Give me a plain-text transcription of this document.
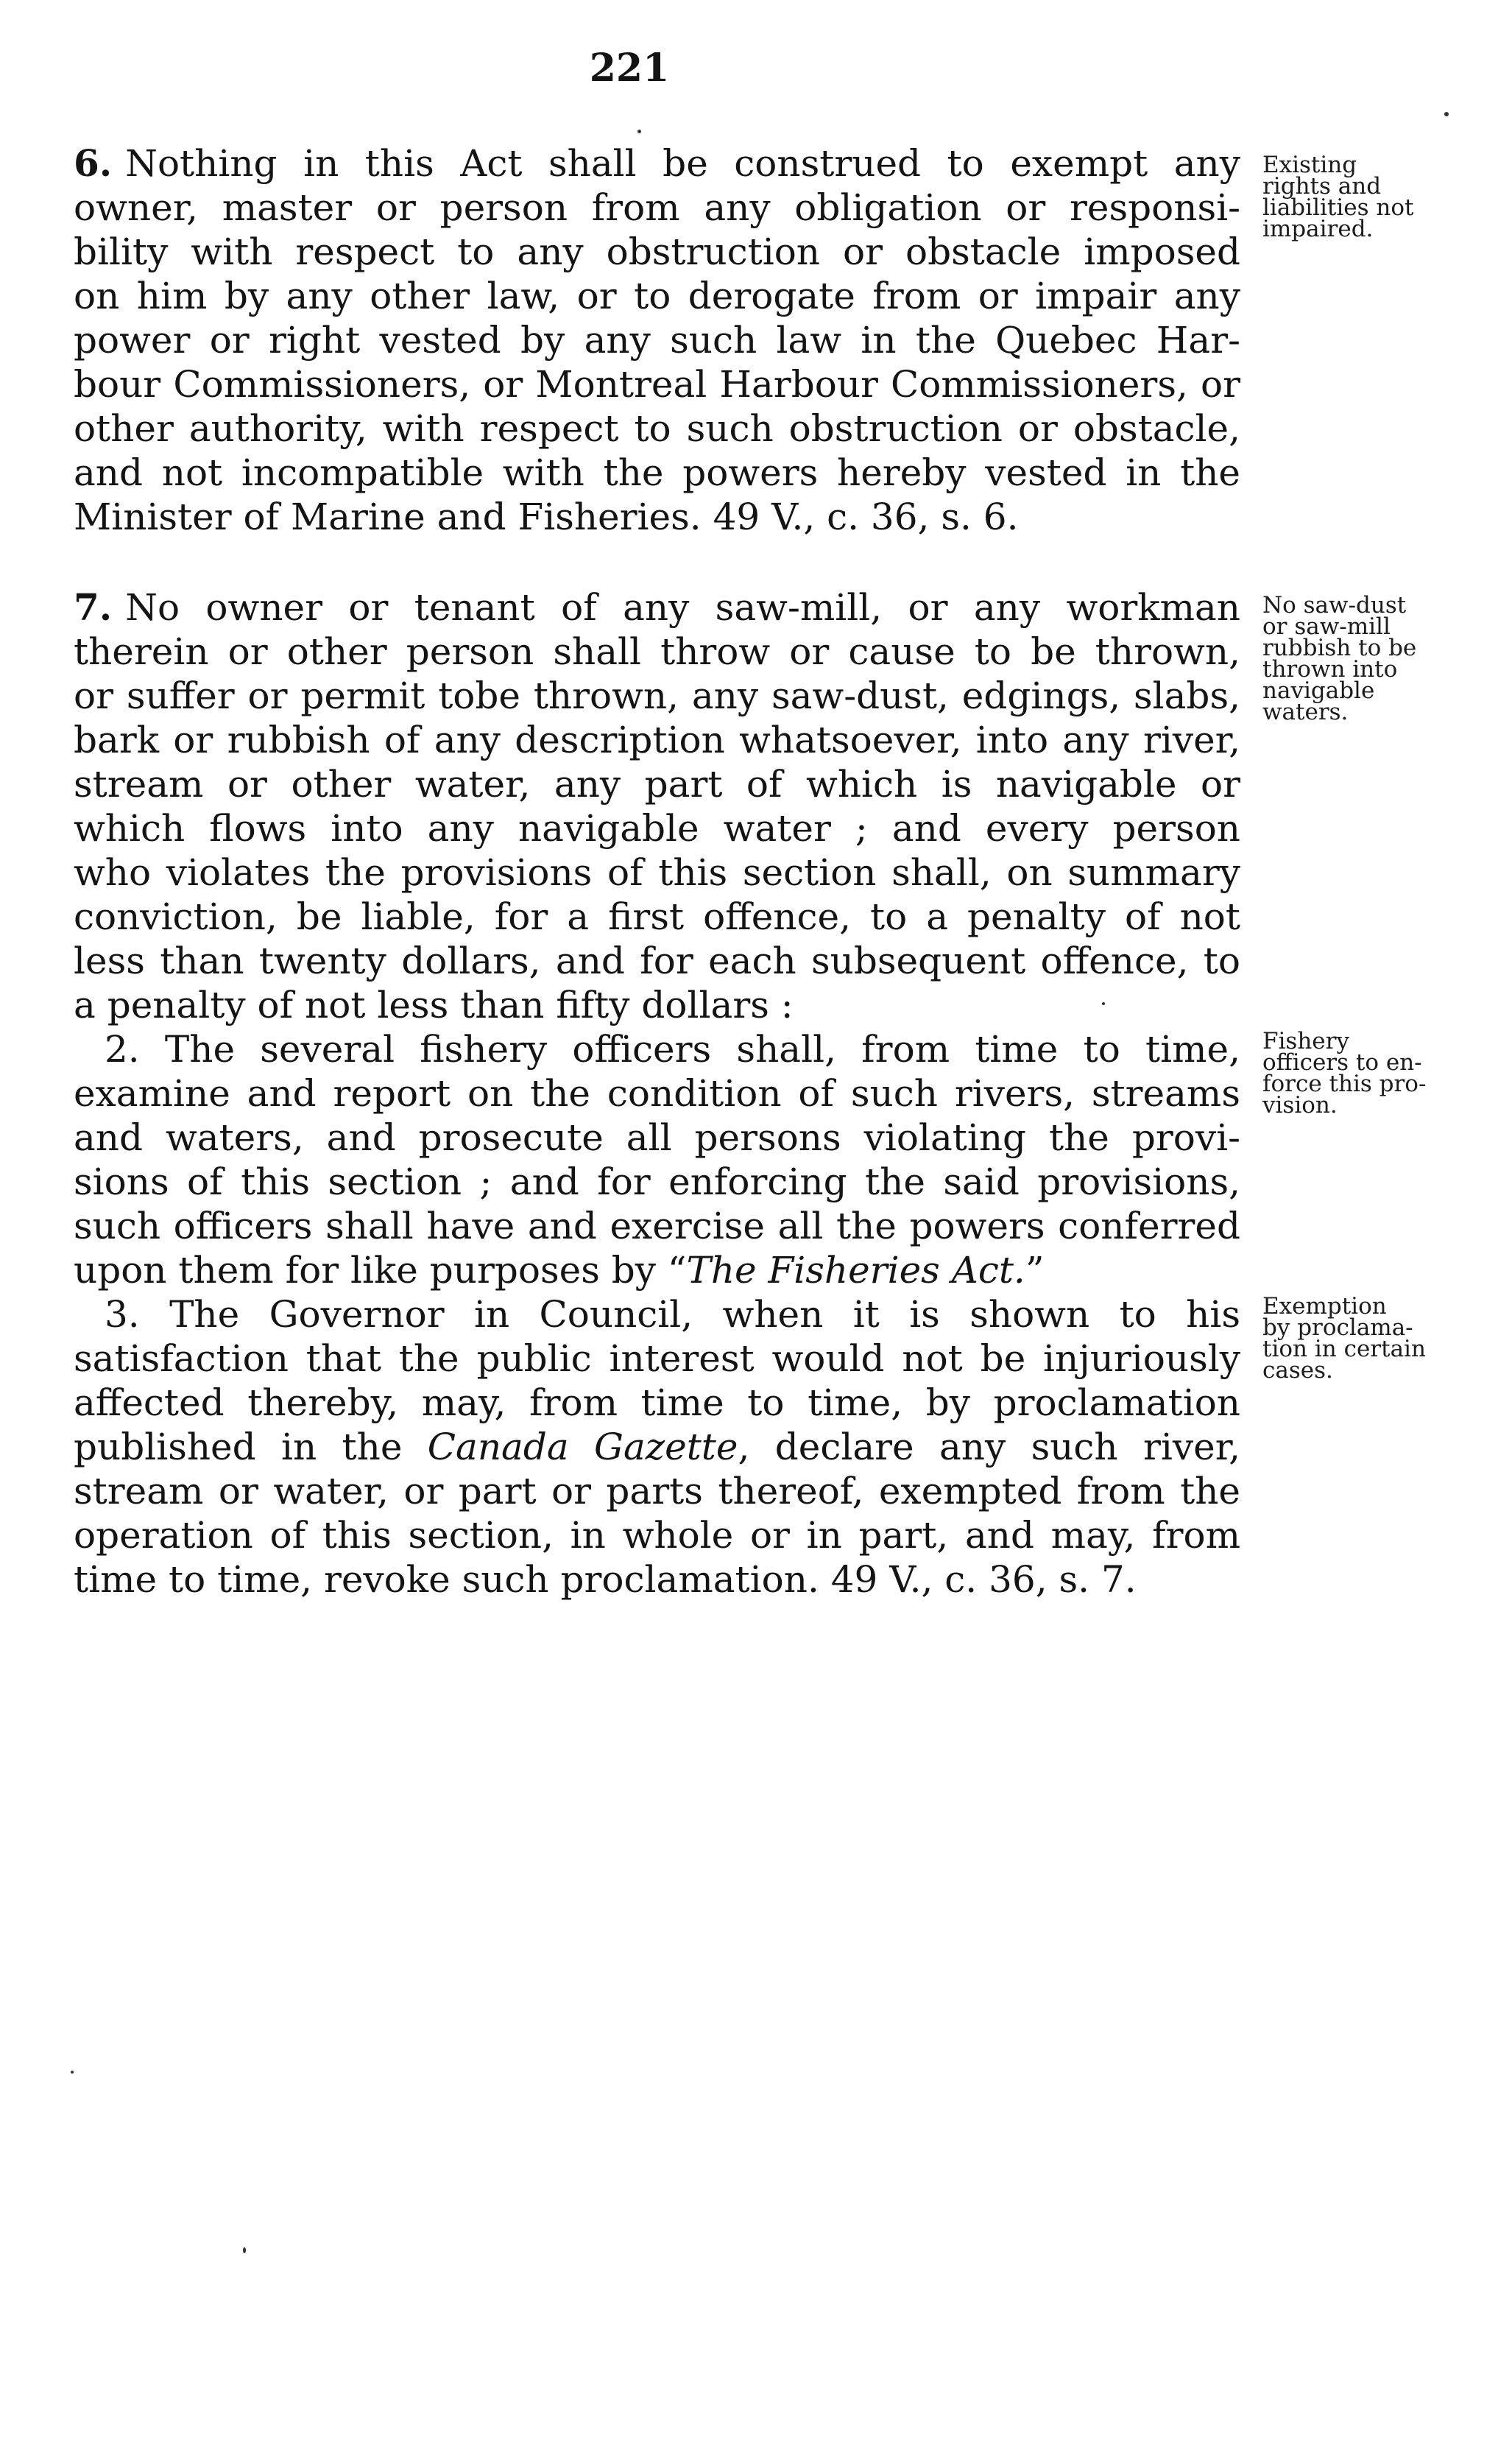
221
6. Nothing in this Act shall be construed to exempt any
owner, master or person from any obligation or responsi-
bility with respect to any obstruction or obstacle imposed
on him by any other law, or to derogate from or impair any
power or right vested by any such law in the Quebec Har-
bour Commissioners, or Montreal Harbour Commissioners, or
other authority, with respect to such obstruction or obstacle,
and not incompatible with the powers hereby vested in the
Minister of Marine and Fisheries. 49 V., c. 36, s. 6.
Existing
rights and
liabilities not
impaired.
7. No owner or tenant of any saw-mill, or any workman
therein or other person shall throw or cause to be thrown,
or suffer or permit tobe thrown, any saw-dust, edgings, slabs,
bark or rubbish of any description whatsoever, into any river,
stream or other water, any part of which is navigable or
which flows into any navigable water ; and every person
who violates the provisions of this section shall, on summary
conviction, be liable, for a first offence, to a penalty of not
less than twenty dollars, and for each subsequent offence, to
a penalty of not less than fifty dollars :
2. The several fishery officers shall, from time to time,
examine and report on the condition of such rivers, streams
and waters, and prosecute all persons violating the provi-
sions of this section ; and for enforcing the said provisions,
such officers shall have and exercise all the powers conferred
upon them for like purposes by “The Fisheries Act.”
3. The Governor in Council, when it is shown to his
satisfaction that the public interest would not be injuriously
affected thereby, may, from time to time, by proclamation
published in the Canada Gazette, declare any such river,
stream or water, or part or parts thereof, exempted from the
operation of this section, in whole or in part, and may, from
time to time, revoke such proclamation. 49 V., c. 36, s. 7.
No saw-dust
or saw-mill
rubbish to be
thrown into
navigable
waters.
Fishery
officers to en-
force this pro-
vision.
Exemption
by proclama-
tion in certain
cases.
